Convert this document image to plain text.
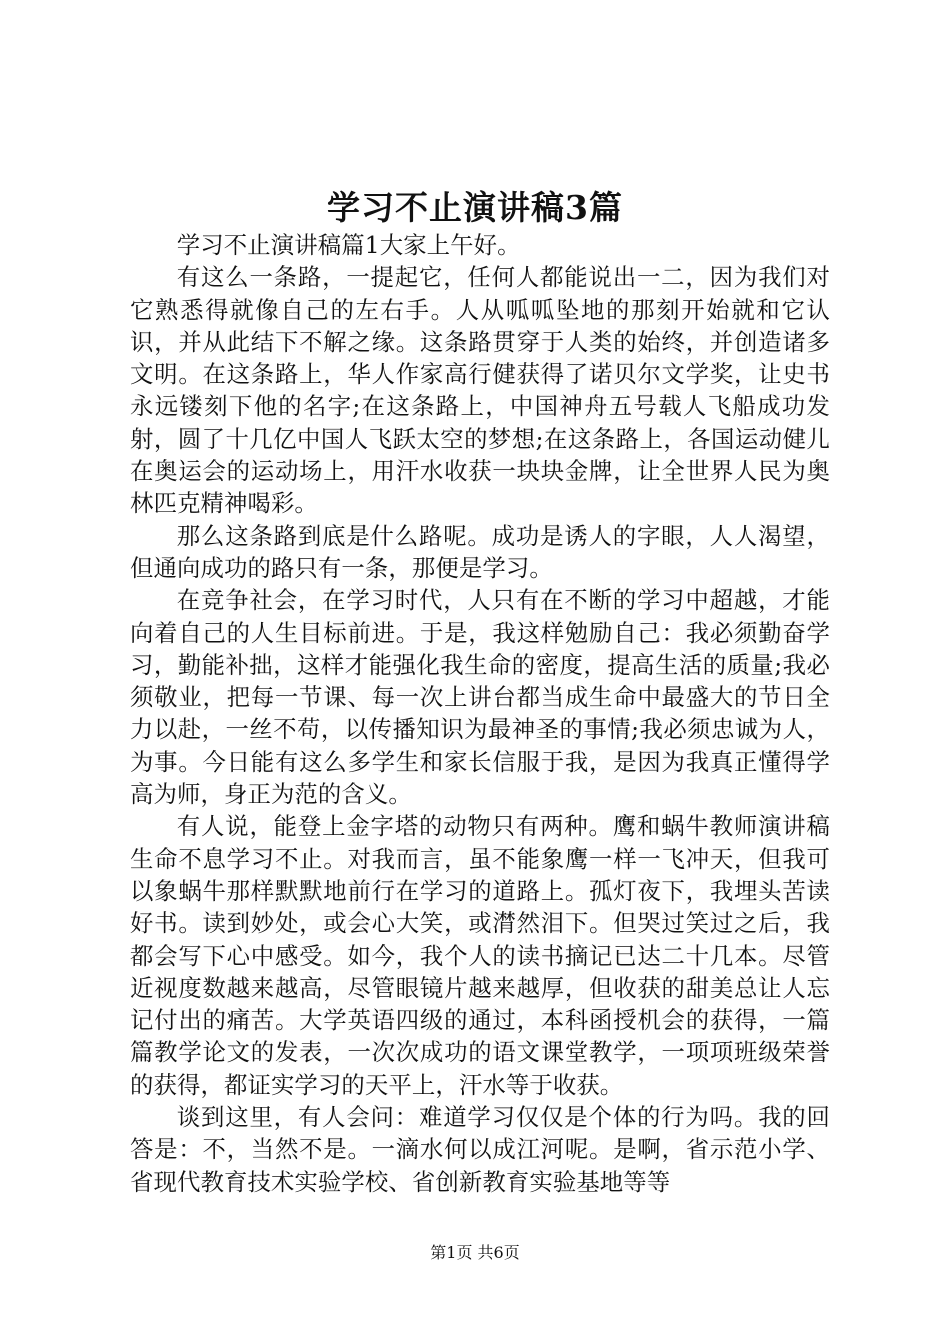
学习不止演讲稿3篇

学习不止演讲稿篇1大家上午好。

有这么一条路，一提起它，任何人都能说出一二，因为我们对它熟悉得就像自己的左右手。人从呱呱坠地的那刻开始就和它认识，并从此结下不解之缘。这条路贯穿于人类的始终，并创造诸多文明。在这条路上，华人作家高行健获得了诺贝尔文学奖，让史书永远镂刻下他的名字;在这条路上，中国神舟五号载人飞船成功发射，圆了十几亿中国人飞跃太空的梦想;在这条路上，各国运动健儿在奥运会的运动场上，用汗水收获一块块金牌，让全世界人民为奥林匹克精神喝彩。

那么这条路到底是什么路呢。成功是诱人的字眼，人人渴望，但通向成功的路只有一条，那便是学习。

在竞争社会，在学习时代，人只有在不断的学习中超越，才能向着自己的人生目标前进。于是，我这样勉励自己：我必须勤奋学习，勤能补拙，这样才能强化我生命的密度，提高生活的质量;我必须敬业，把每一节课、每一次上讲台都当成生命中最盛大的节日全力以赴，一丝不苟，以传播知识为最神圣的事情;我必须忠诚为人，为事。今日能有这么多学生和家长信服于我，是因为我真正懂得学高为师，身正为范的含义。

有人说，能登上金字塔的动物只有两种。鹰和蜗牛教师演讲稿生命不息学习不止。对我而言，虽不能象鹰一样一飞冲天，但我可以象蜗牛那样默默地前行在学习的道路上。孤灯夜下，我埋头苦读好书。读到妙处，或会心大笑，或潸然泪下。但哭过笑过之后，我都会写下心中感受。如今，我个人的读书摘记已达二十几本。尽管近视度数越来越高，尽管眼镜片越来越厚，但收获的甜美总让人忘记付出的痛苦。大学英语四级的通过，本科函授机会的获得，一篇篇教学论文的发表，一次次成功的语文课堂教学，一项项班级荣誉的获得，都证实学习的天平上，汗水等于收获。

谈到这里，有人会问：难道学习仅仅是个体的行为吗。我的回答是：不，当然不是。一滴水何以成江河呢。是啊，省示范小学、省现代教育技术实验学校、省创新教育实验基地等等

第1页 共6页
